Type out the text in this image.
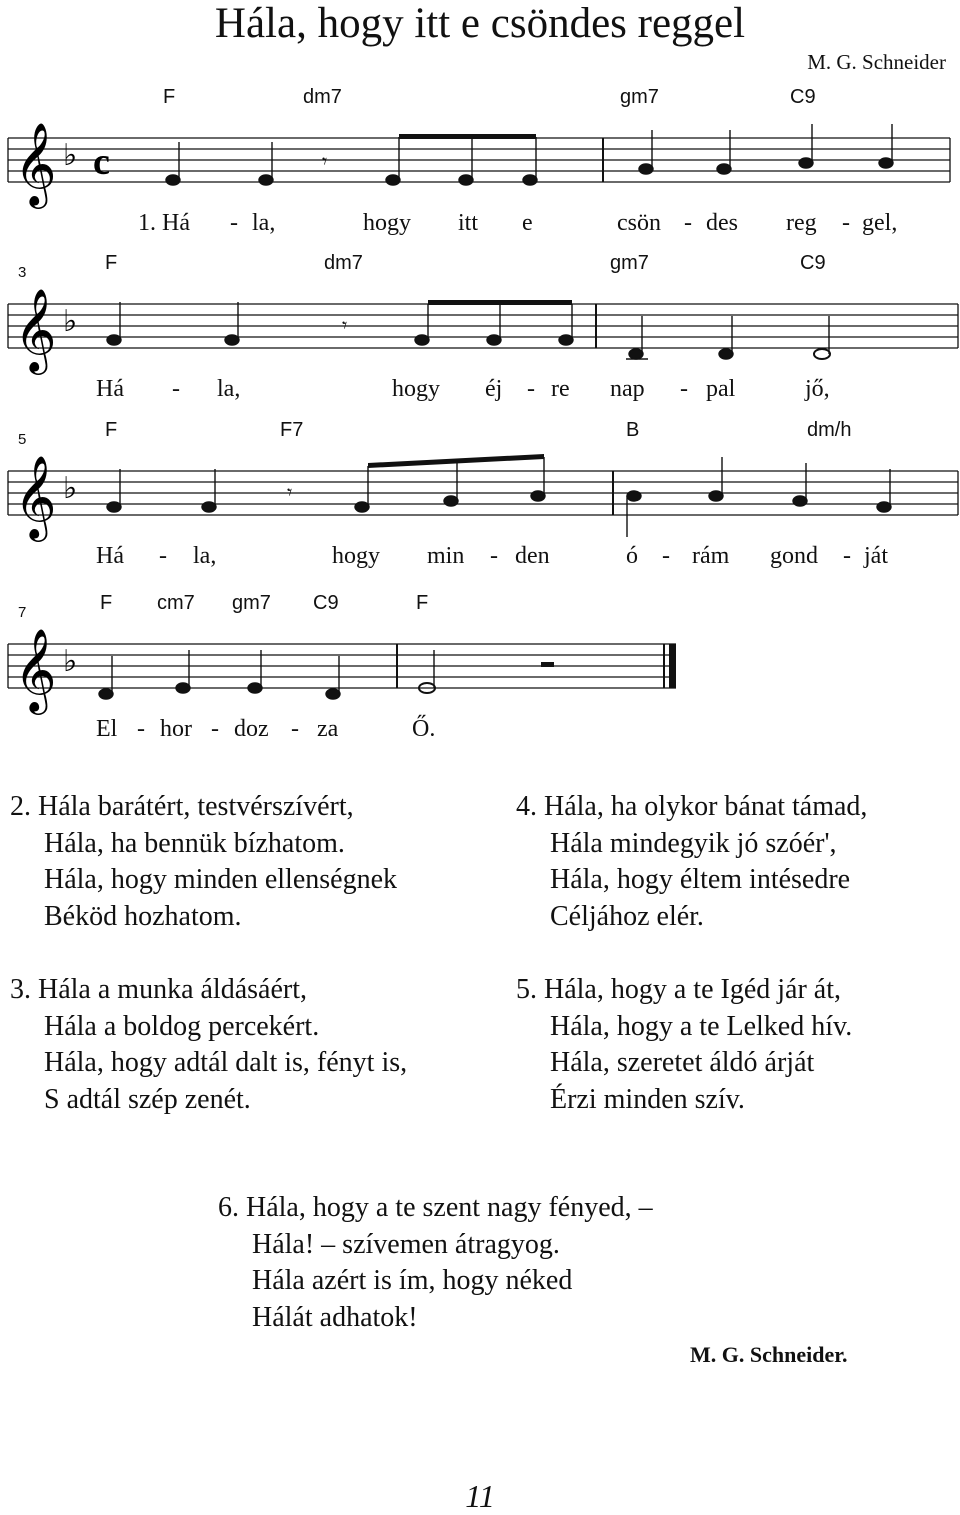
Hála, hogy itt e csöndes reggel
M. G. Schneider
F	dm7	gm7	C9
𝄞 ♭ c	𝄾
1. Há - la,	hogy itt e	csön - des reg - gel,
3	F	dm7	gm7	C9
𝄞 ♭	𝄾
Há - la,	hogy éj - re nap - pal	jő,
5	F	F7	B	dm/h
𝄞 ♭	𝄾
Há - la,	hogy min - den	ó - rám gond - ját
7	F cm7 gm7 C9	F
𝄞 ♭
El - hor - doz - za	Ő.
2. Hála barátért, testvérszívért,
Hála, ha bennük bízhatom.
Hála, hogy minden ellenségnek
Béköd hozhatom.
3. Hála a munka áldásáért,
Hála a boldog percekért.
Hála, hogy adtál dalt is, fényt is,
S adtál szép zenét.
4. Hála, ha olykor bánat támad,
Hála mindegyik jó szóér',
Hála, hogy éltem intésedre
Céljához elér.
5. Hála, hogy a te Igéd jár át,
Hála, hogy a te Lelked hív.
Hála, szeretet áldó árját
Érzi minden szív.
6. Hála, hogy a te szent nagy fényed, –
Hála! – szívemen átragyog.
Hála azért is ím, hogy néked
Hálát adhatok!
M. G. Schneider.
11
